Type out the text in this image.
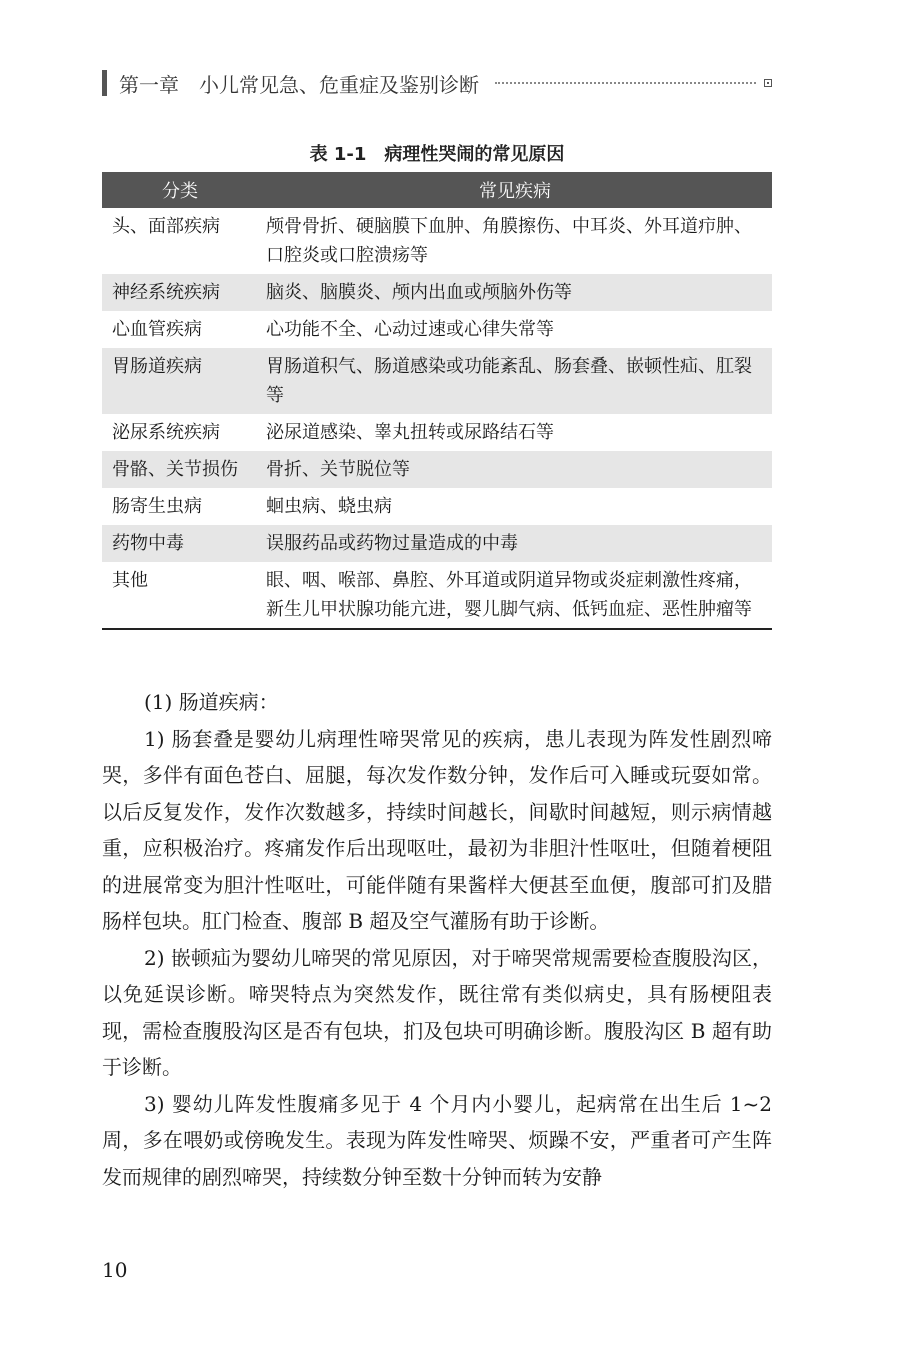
第一章　小儿常见急、危重症及鉴别诊断
表 1-1　病理性哭闹的常见原因
分类	常见疾病
头、面部疾病	颅骨骨折、硬脑膜下血肿、角膜擦伤、中耳炎、外耳道疖肿、口腔炎或口腔溃疡等
神经系统疾病	脑炎、脑膜炎、颅内出血或颅脑外伤等
心血管疾病	心功能不全、心动过速或心律失常等
胃肠道疾病	胃肠道积气、肠道感染或功能紊乱、肠套叠、嵌顿性疝、肛裂等
泌尿系统疾病	泌尿道感染、睾丸扭转或尿路结石等
骨骼、关节损伤	骨折、关节脱位等
肠寄生虫病	蛔虫病、蛲虫病
药物中毒	误服药品或药物过量造成的中毒
其他	眼、咽、喉部、鼻腔、外耳道或阴道异物或炎症刺激性疼痛，新生儿甲状腺功能亢进，婴儿脚气病、低钙血症、恶性肿瘤等

(1) 肠道疾病：

1) 肠套叠是婴幼儿病理性啼哭常见的疾病，患儿表现为阵发性剧烈啼哭，多伴有面色苍白、屈腿，每次发作数分钟，发作后可入睡或玩耍如常。以后反复发作，发作次数越多，持续时间越长，间歇时间越短，则示病情越重，应积极治疗。疼痛发作后出现呕吐，最初为非胆汁性呕吐，但随着梗阻的进展常变为胆汁性呕吐，可能伴随有果酱样大便甚至血便，腹部可扪及腊肠样包块。肛门检查、腹部 B 超及空气灌肠有助于诊断。

2) 嵌顿疝为婴幼儿啼哭的常见原因，对于啼哭常规需要检查腹股沟区，以免延误诊断。啼哭特点为突然发作，既往常有类似病史，具有肠梗阻表现，需检查腹股沟区是否有包块，扪及包块可明确诊断。腹股沟区 B 超有助于诊断。

3) 婴幼儿阵发性腹痛多见于 4 个月内小婴儿，起病常在出生后 1~2 周，多在喂奶或傍晚发生。表现为阵发性啼哭、烦躁不安，严重者可产生阵发而规律的剧烈啼哭，持续数分钟至数十分钟而转为安静

10
